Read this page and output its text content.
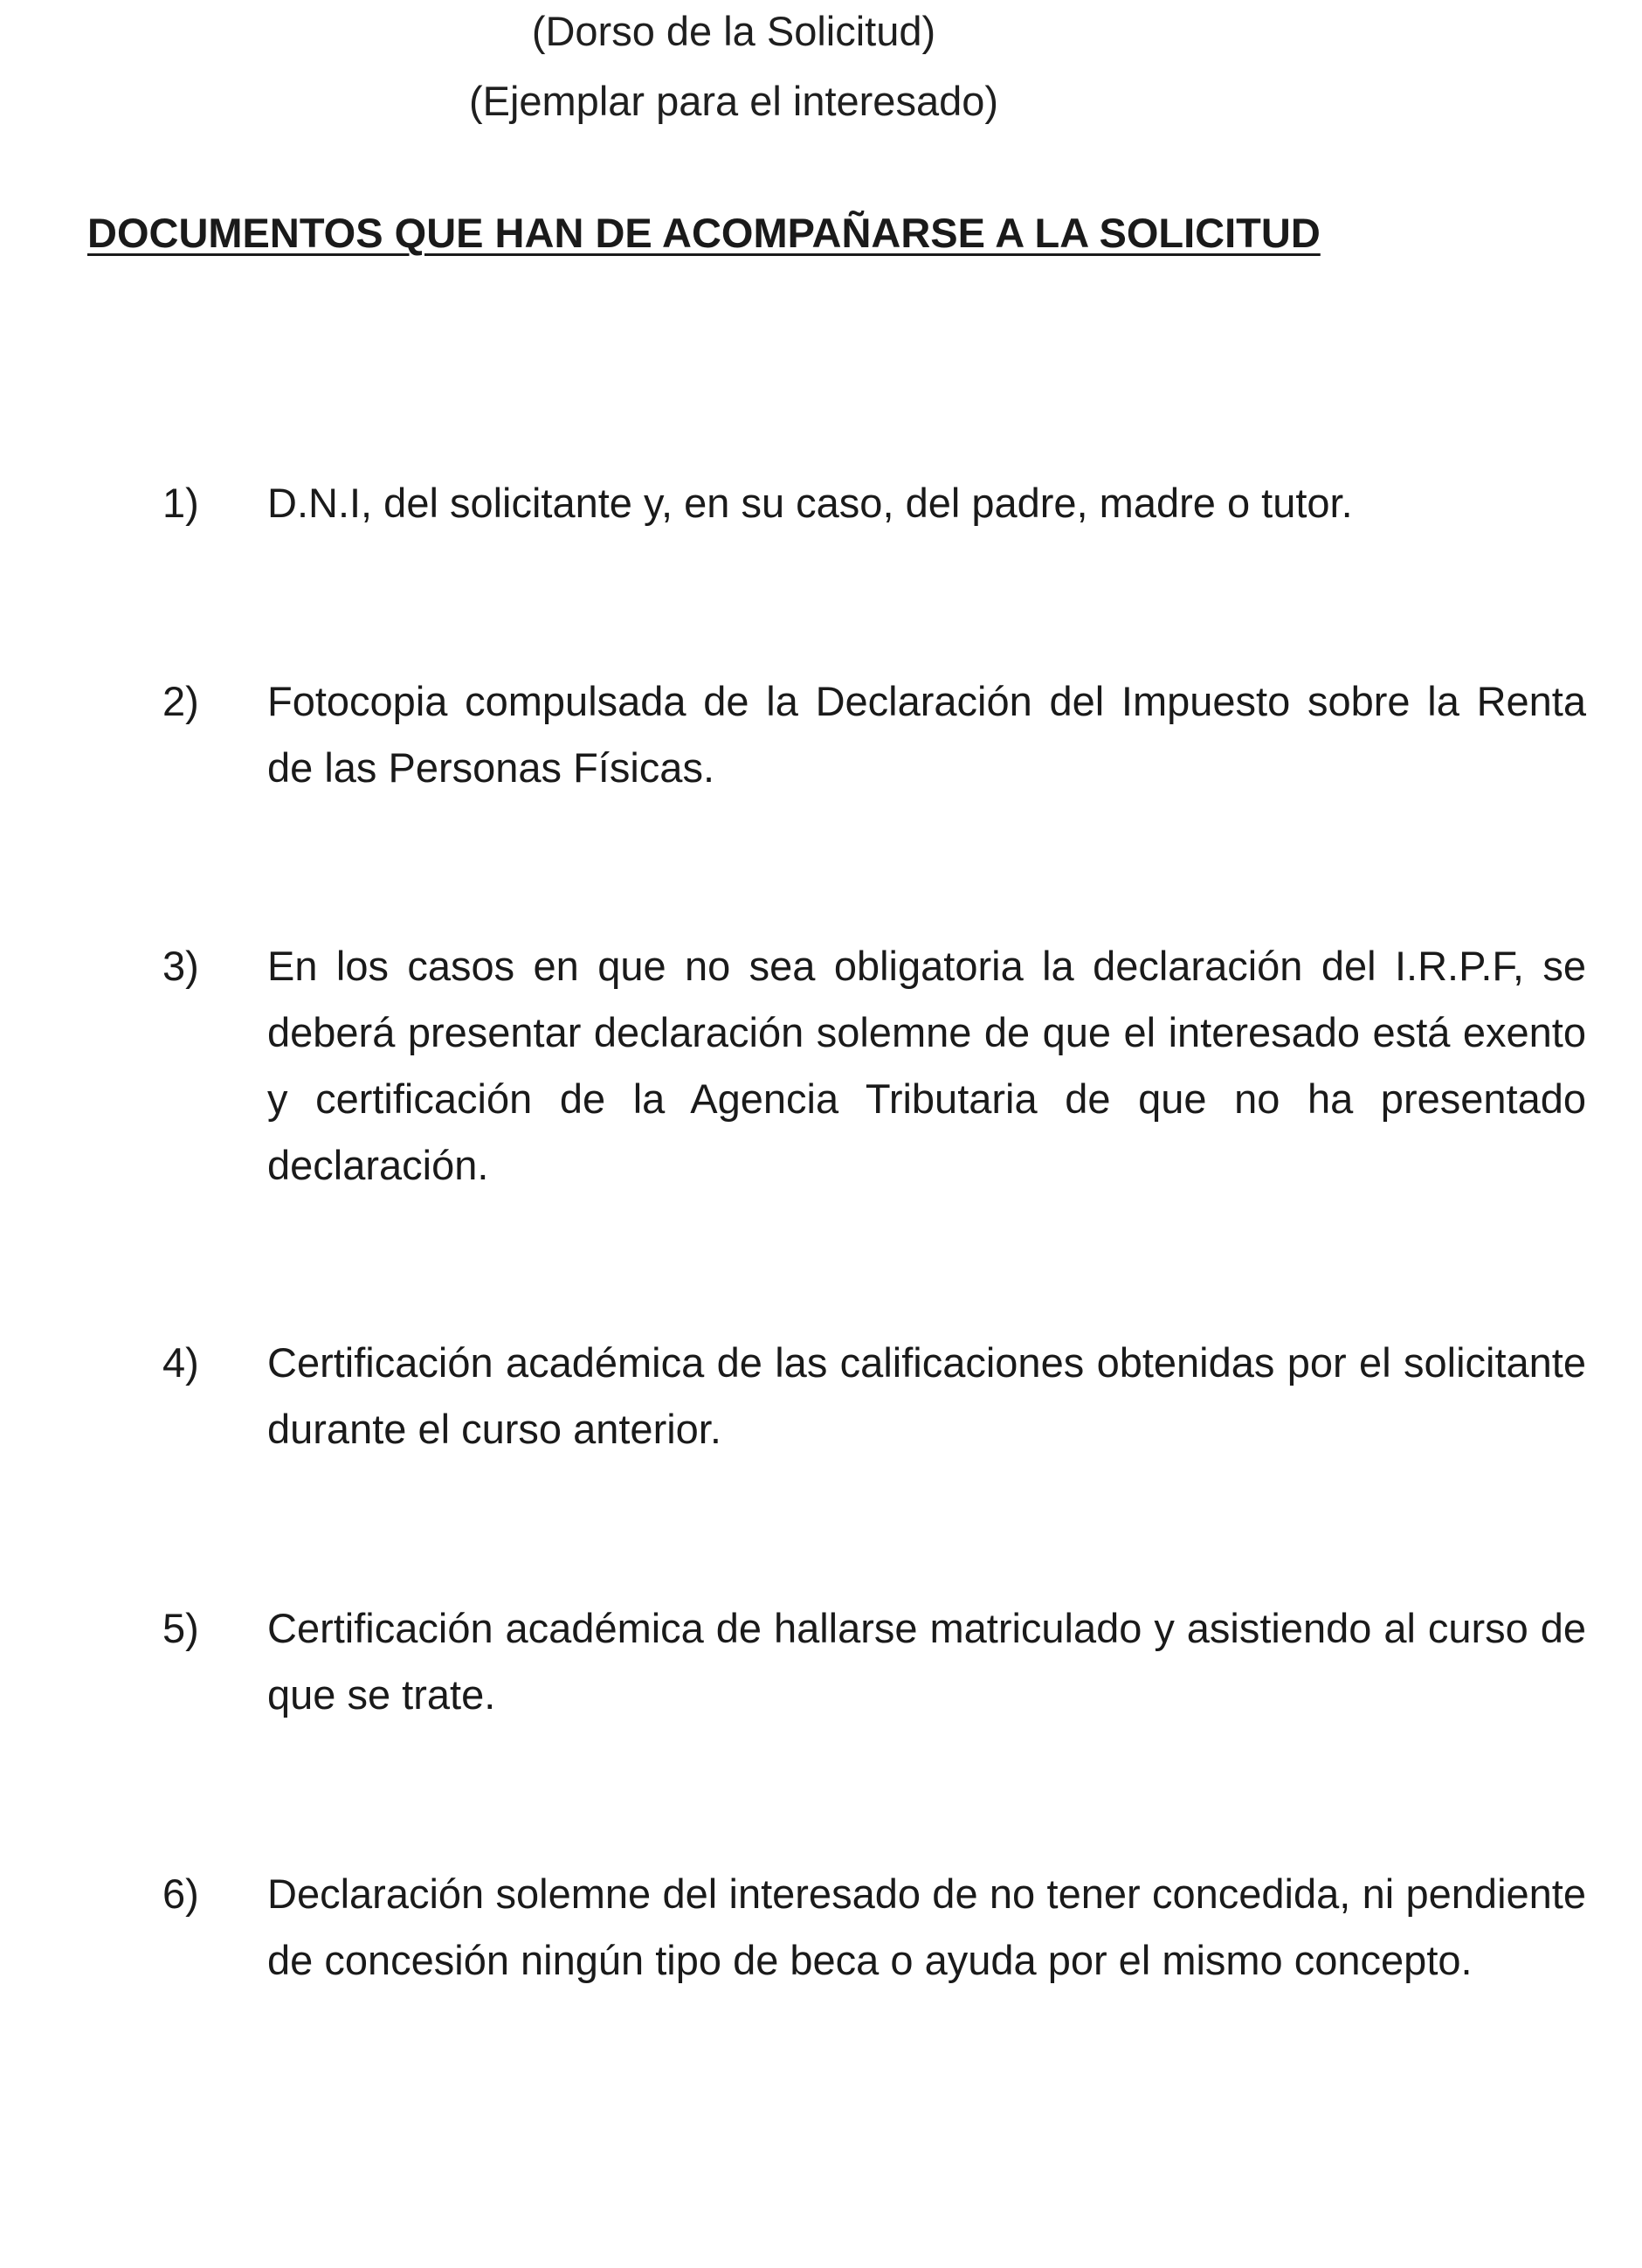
(Dorso de la Solicitud)
(Ejemplar para el interesado)
DOCUMENTOS QUE HAN DE ACOMPAÑARSE A LA SOLICITUD
1) D.N.I, del solicitante y, en su caso, del padre, madre o tutor.
2) Fotocopia compulsada de la Declaración del Impuesto sobre la Renta de las Personas Físicas.
3) En los casos en que no sea obligatoria la declaración del I.R.P.F, se deberá presentar declaración solemne de que el interesado está exento y certificación de la Agencia Tributaria de que no ha presentado declaración.
4) Certificación académica de las calificaciones obtenidas por el solicitante durante el curso anterior.
5) Certificación académica de hallarse matriculado y asistiendo al curso de que se trate.
6) Declaración solemne del interesado de no tener concedida, ni pendiente de concesión ningún tipo de beca o ayuda por el mismo concepto.
